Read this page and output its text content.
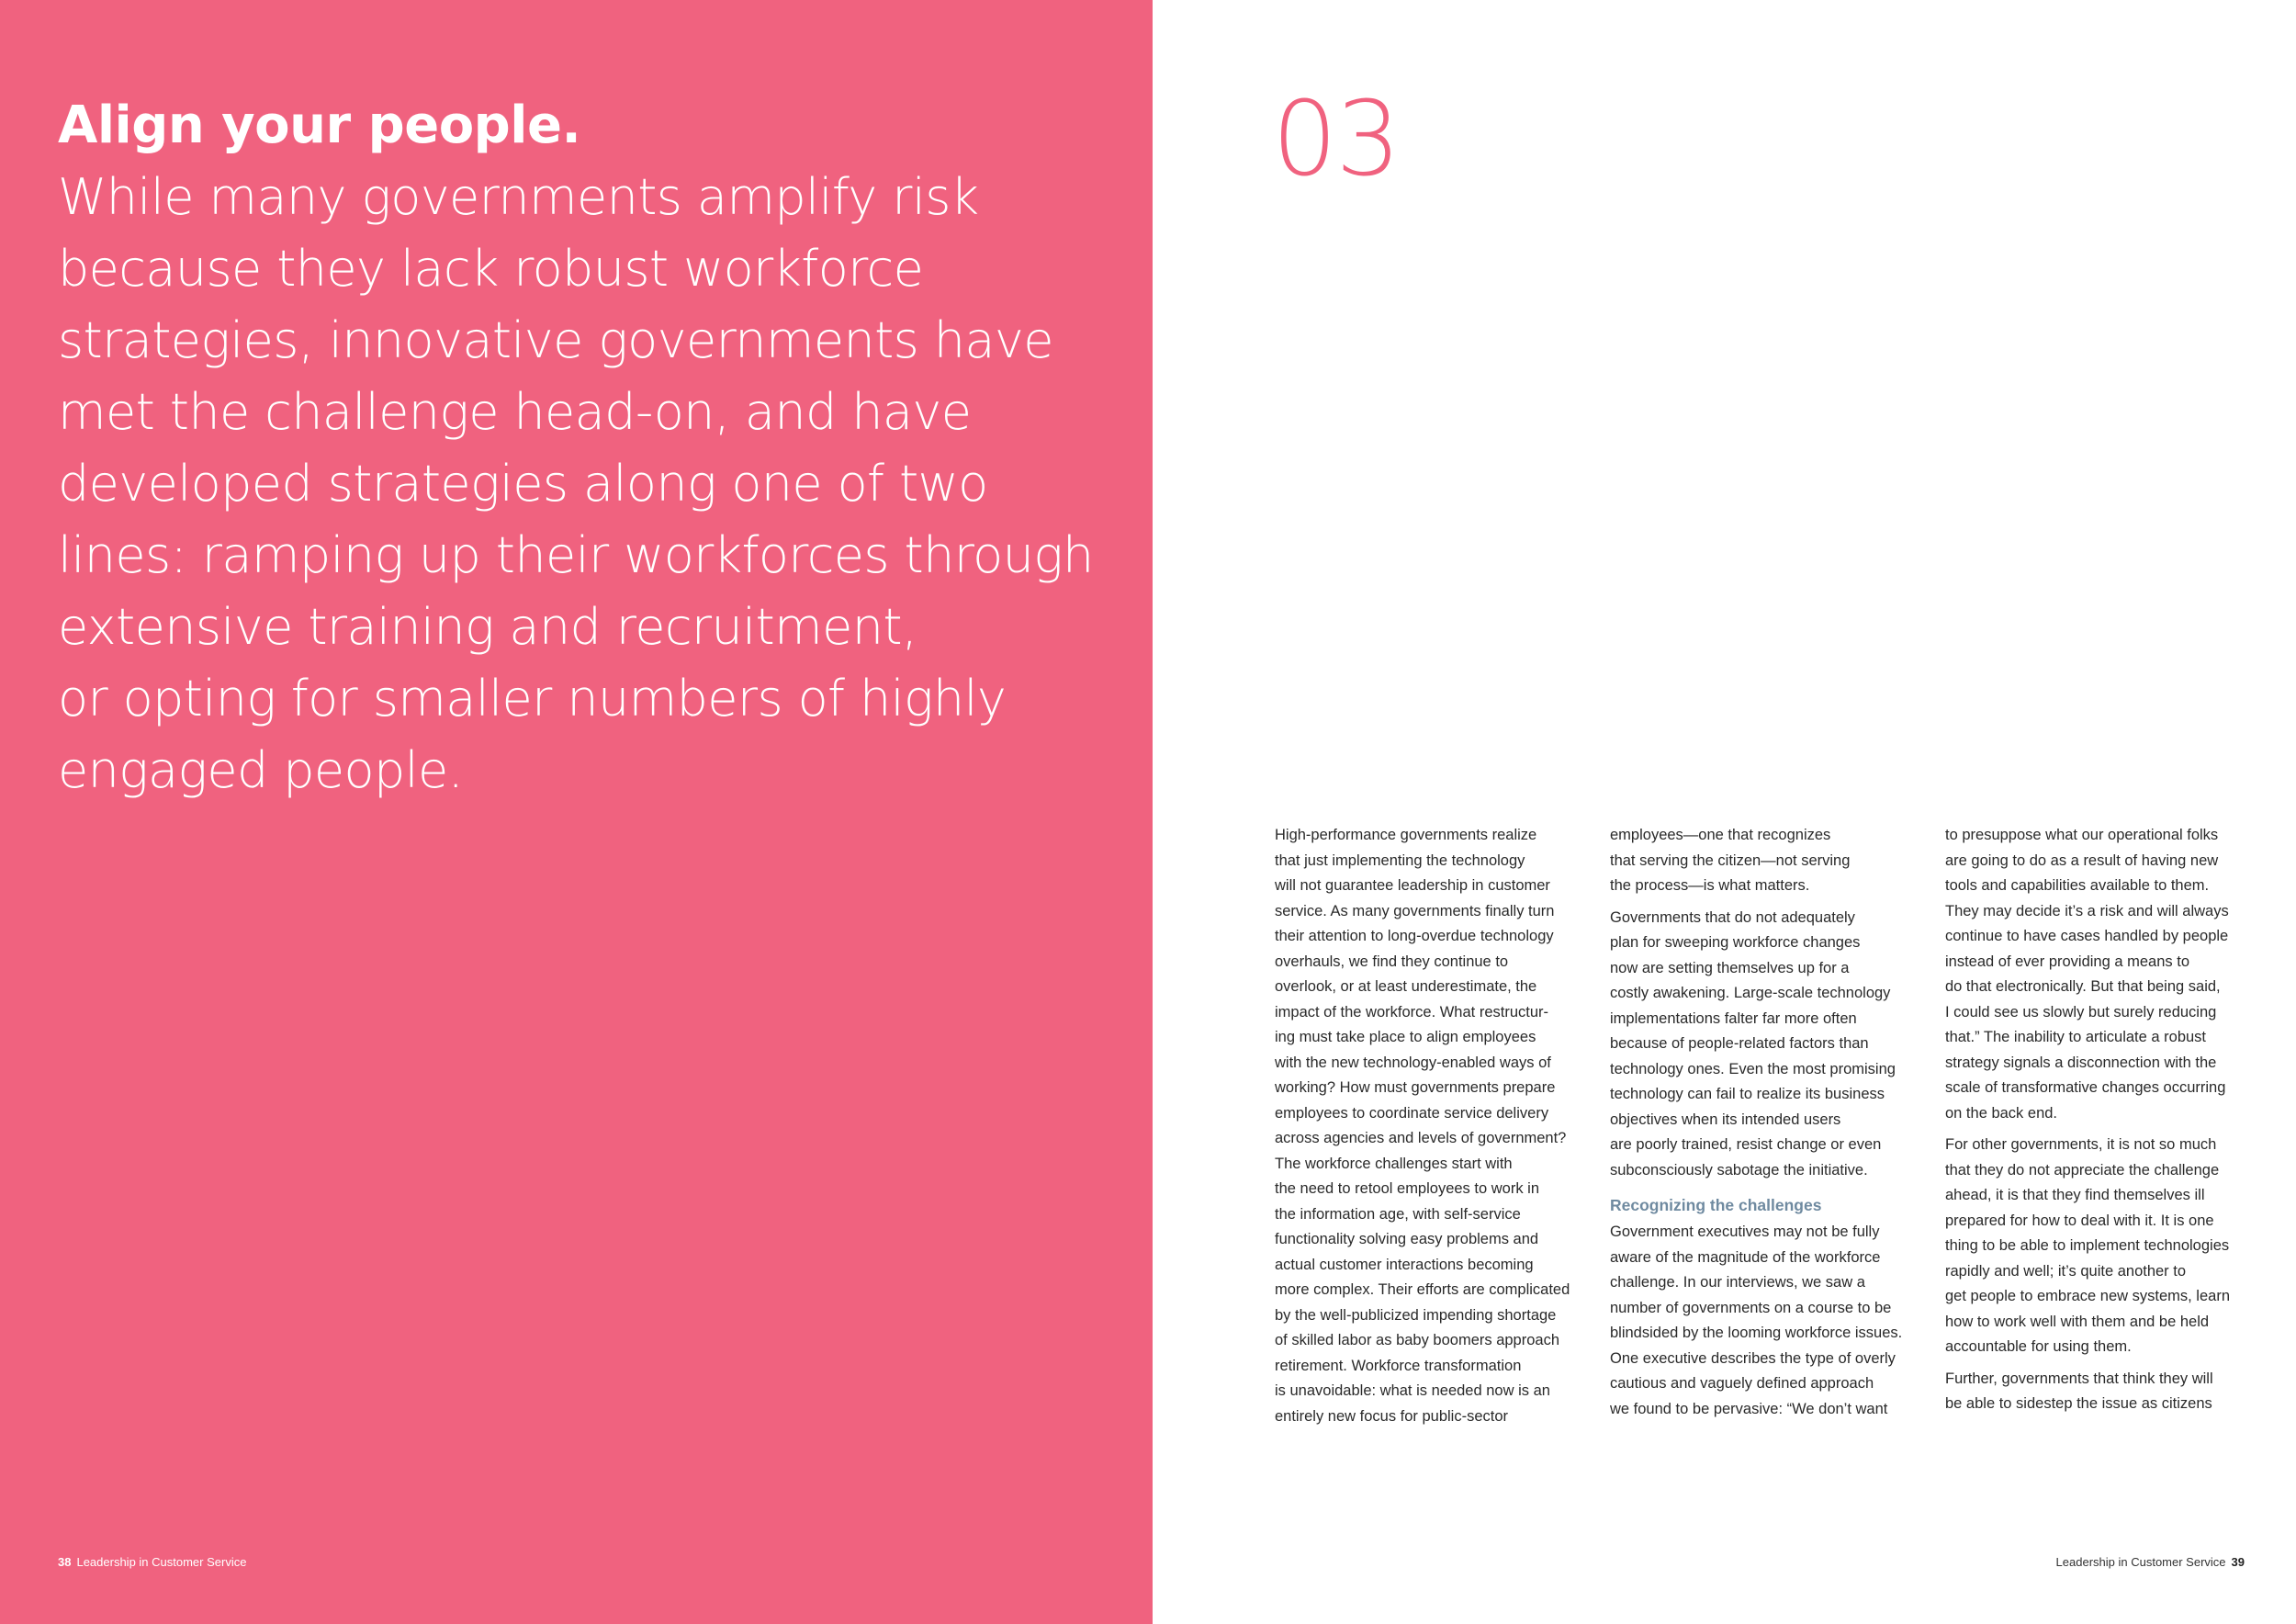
Align your people.
While many governments amplify risk
because they lack robust workforce
strategies, innovative governments have
met the challenge head-on, and have
developed strategies along one of two
lines: ramping up their workforces through
extensive training and recruitment,
or opting for smaller numbers of highly
engaged people.
38 Leadership in Customer Service
03

High-performance governments realize
that just implementing the technology
will not guarantee leadership in customer
service. As many governments finally turn
their attention to long-overdue technology
overhauls, we find they continue to
overlook, or at least underestimate, the
impact of the workforce. What restructur-
ing must take place to align employees
with the new technology-enabled ways of
working? How must governments prepare
employees to coordinate service delivery
across agencies and levels of government?
The workforce challenges start with
the need to retool employees to work in
the information age, with self-service
functionality solving easy problems and
actual customer interactions becoming
more complex. Their efforts are complicated
by the well-publicized impending shortage
of skilled labor as baby boomers approach
retirement. Workforce transformation
is unavoidable: what is needed now is an
entirely new focus for public-sector

employees—one that recognizes
that serving the citizen—not serving
the process—is what matters.

Governments that do not adequately
plan for sweeping workforce changes
now are setting themselves up for a
costly awakening. Large-scale technology
implementations falter far more often
because of people-related factors than
technology ones. Even the most promising
technology can fail to realize its business
objectives when its intended users
are poorly trained, resist change or even
subconsciously sabotage the initiative.

Recognizing the challenges

Government executives may not be fully
aware of the magnitude of the workforce
challenge. In our interviews, we saw a
number of governments on a course to be
blindsided by the looming workforce issues.
One executive describes the type of overly
cautious and vaguely defined approach
we found to be pervasive: “We don’t want

to presuppose what our operational folks
are going to do as a result of having new
tools and capabilities available to them.
They may decide it’s a risk and will always
continue to have cases handled by people
instead of ever providing a means to
do that electronically. But that being said,
I could see us slowly but surely reducing
that.” The inability to articulate a robust
strategy signals a disconnection with the
scale of transformative changes occurring
on the back end.

For other governments, it is not so much
that they do not appreciate the challenge
ahead, it is that they find themselves ill
prepared for how to deal with it. It is one
thing to be able to implement technologies
rapidly and well; it’s quite another to
get people to embrace new systems, learn
how to work well with them and be held
accountable for using them.

Further, governments that think they will
be able to sidestep the issue as citizens

Leadership in Customer Service 39
